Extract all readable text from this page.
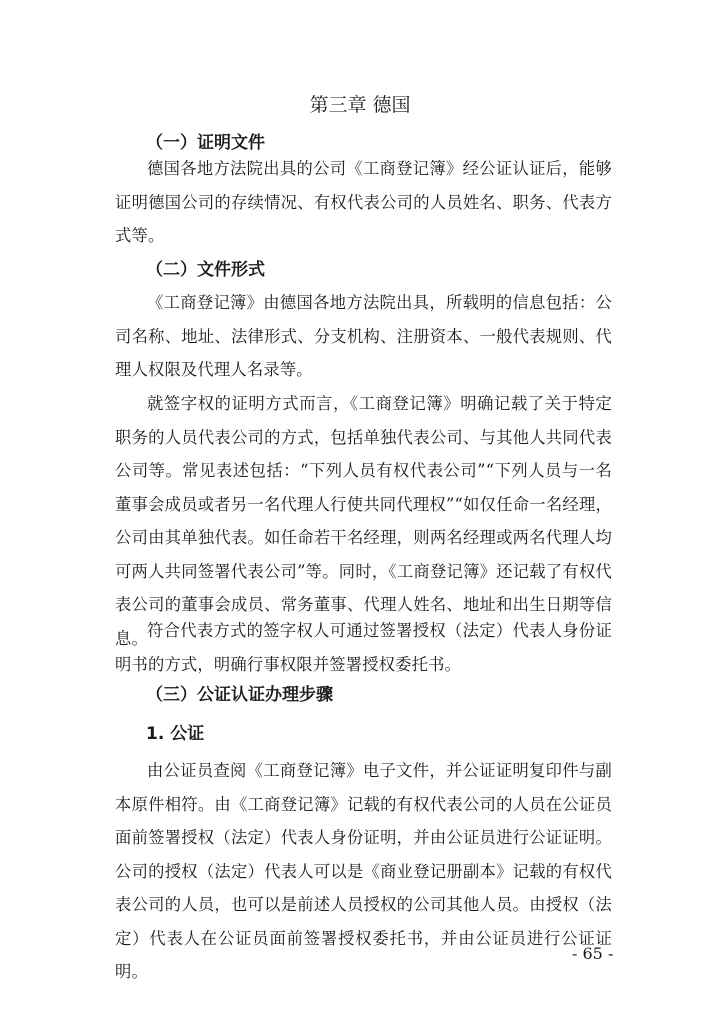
第三章 德国
（一）证明文件

德国各地方法院出具的公司《工商登记簿》经公证认证后，能够证明德国公司的存续情况、有权代表公司的人员姓名、职务、代表方式等。

（二）文件形式

《工商登记簿》由德国各地方法院出具，所载明的信息包括：公司名称、地址、法律形式、分支机构、注册资本、一般代表规则、代理人权限及代理人名录等。

就签字权的证明方式而言，《工商登记簿》明确记载了关于特定职务的人员代表公司的方式，包括单独代表公司、与其他人共同代表公司等。常见表述包括：“下列人员有权代表公司”“下列人员与一名董事会成员或者另一名代理人行使共同代理权”“如仅任命一名经理，公司由其单独代表。如任命若干名经理，则两名经理或两名代理人均可两人共同签署代表公司”等。同时，《工商登记簿》还记载了有权代表公司的董事会成员、常务董事、代理人姓名、地址和出生日期等信息。 符合代表方式的签字权人可通过签署授权（法定）代表人身份证明书的方式，明确行事权限并签署授权委托书。

（三）公证认证办理步骤
1. 公证

由公证员查阅《工商登记簿》电子文件，并公证证明复印件与副本原件相符。由《工商登记簿》记载的有权代表公司的人员在公证员面前签署授权（法定）代表人身份证明，并由公证员进行公证证明。公司的授权（法定）代表人可以是《商业登记册副本》记载的有权代表公司的人员，也可以是前述人员授权的公司其他人员。由授权（法定）代表人在公证员面前签署授权委托书，并由公证员进行公证证明。

- 65 -
